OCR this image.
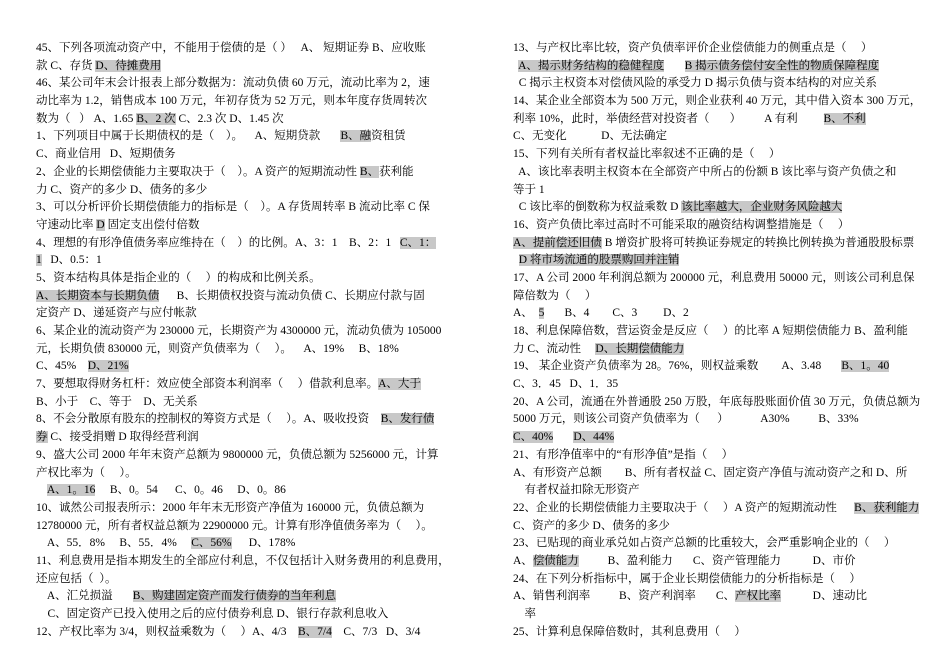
45、下列各项流动资产中，不能用于偿债的是（ ）   A、 短期证券 B、应收账
款 C、存货 D、待摊费用
46、某公司年末会计报表上部分数据为：流动负债 60 万元，流动比率为 2，速
动比率为 1.2，销售成本 100 万元，年初存货为 52 万元，则本年度存货周转次
数为（   ） A、1.65 B、2 次 C、2.3 次 D、1.45 次
1、下列项目中属于长期债权的是（    ）。    A、短期贷款       B、融资租赁
C、商业信用   D、短期债务
2、企业的长期偿债能力主要取决于（    ）。A 资产的短期流动性 B、获利能
力 C、资产的多少 D、债务的多少
3、可以分析评价长期偿债能力的指标是（    ）。A 存货周转率 B 流动比率 C 保
守速动比率 D 固定支出偿付倍数
4、理想的有形净值债务率应维持在（    ）的比例。A、3：1    B、2：1   C、1：
1   D、0.5：1
5、资本结构具体是指企业的（     ）的构成和比例关系。
A、长期资本与长期负债      B、长期债权投资与流动负债 C、长期应付款与固
定资产 D、递延资产与应付帐款
6、某企业的流动资产为 230000 元，长期资产为 4300000 元，流动负债为 105000
元，长期负债 830000 元，则资产负债率为（     ）。    A、19%     B、18%
C、45%    D、21%
7、要想取得财务杠杆：效应使全部资本利润率（     ）借款利息率。A、大于
B、小于    C、等于    D、无关系
8、不会分散原有股东的控制权的筹资方式是（     ）。A、吸收投资    B、发行债
券 C、接受捐赠 D 取得经营利润
9、盛大公司 2000 年年末资产总额为 9800000 元，负债总额为 5256000 元，计算
产权比率为（     ）。
A、1。16     B、0。54      C、0。46     D、0。86
10、诚然公司报表所示：2000 年年末无形资产净值为 160000 元，负债总额为
12780000 元，所有者权益总额为 22900000 元。计算有形净值债务率为（     ）。
A、55．8%     B、55．4%     C、56%      D、178%
11、利息费用是指本期发生的全部应付利息，不仅包括计入财务费用的利息费用，
还应包括（  ）。
A、汇兑损溢       B、购建固定资产而发行债券的当年利息
C、固定资产已投入使用之后的应付债券利息 D、银行存款利息收入
12、产权比率为 3/4，则权益乘数为（     ）A、4/3    B、7/4    C、7/3   D、3/4
13、与产权比率比较，资产负债率评价企业偿债能力的侧重点是（     ）
A、揭示财务结构的稳健程度 B 揭示债务偿付安全性的物质保障程度
C 揭示主权资本对偿债风险的承受力 D 揭示负债与资本结构的对应关系
14、某企业全部资本为 500 万元，则企业获利 40 万元，其中借入资本 300 万元，
利率 10%，此时，举债经营对投资者（       ）        A 有利         B、不利
C、无变化            D、无法确定
15、下列有关所有者权益比率叙述不正确的是（     ）
A、该比率表明主权资本在全部资产中所占的份额 B 该比率与资产负债之和
等于 1
C 该比率的倒数称为权益乘数 D 该比率越大，企业财务风险越大
16、资产负债比率过高时不可能采取的融资结构调整措施是（     ）
A、提前偿还旧债 B 增资扩股将可转换证券规定的转换比例转换为普通股股标票
D 将市场流通的股票购回并注销
17、A 公司 2000 年利润总额为 200000 元，利息费用 50000 元，则该公司利息保
障倍数为（     ）
A、  5       B、4        C、3         D、2
18、利息保障倍数，营运资金是反应（     ）的比率 A 短期偿债能力 B、盈利能
力 C、流动性     D、长期偿债能力
19、 某企业资产负债率为 28。76%，则权益乘数        A、3.48       B、1。40
C、3．45   D、1．35
20、A 公司，流通在外普通股 250 万股，年底每股账面价值 30 万元，负债总额为
5000 万元，则该公司资产负债率为（      ）           A30%          B、33%
C、40% D、44%
21、有形净值率中的“有形净值”是指（     ）
A、有形资产总额        B、所有者权益 C、固定资产净值与流动资产之和 D、所
有者权益扣除无形资产
22、企业的长期偿债能力主要取决于（     ）A 资产的短期流动性      B、获利能力
C、资产的多少 D、债务的多少
23、已贴现的商业承兑如占资产总额的比重较大，会严重影响企业的（     ）
A、偿债能力          B、盈利能力       C、资产管理能力           D、市价
24、在下列分析指标中，属于企业长期偿债能力的分析指标是（     ）
A、销售利润率          B、资产利润率       C、产权比率           D、速动比
率
25、计算利息保障倍数时，其利息费用（     ）
